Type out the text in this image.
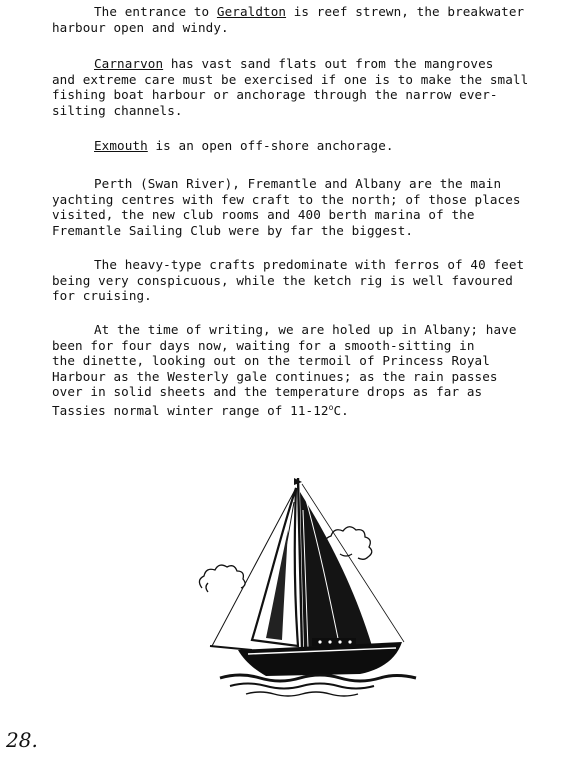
The entrance to Geraldton is reef strewn, the breakwater
harbour open and windy.
Carnarvon has vast sand flats out from the mangroves
and extreme care must be exercised if one is to make the small
fishing boat harbour or anchorage through the narrow ever-
silting channels.
Exmouth is an open off-shore anchorage.
Perth (Swan River), Fremantle and Albany are the main
yachting centres with few craft to the north; of those places
visited, the new club rooms and 400 berth marina of the
Fremantle Sailing Club were by far the biggest.
The heavy-type crafts predominate with ferros of 40 feet
being very conspicuous, while the ketch rig is well favoured
for cruising.
At the time of writing, we are holed up in Albany; have
been for four days now, waiting for a smooth-sitting in
the dinette, looking out on the termoil of Princess Royal
Harbour as the Westerly gale continues; as the rain passes
over in solid sheets and the temperature drops as far as
Tassies normal winter range of 11-12$^o$C.
28.
